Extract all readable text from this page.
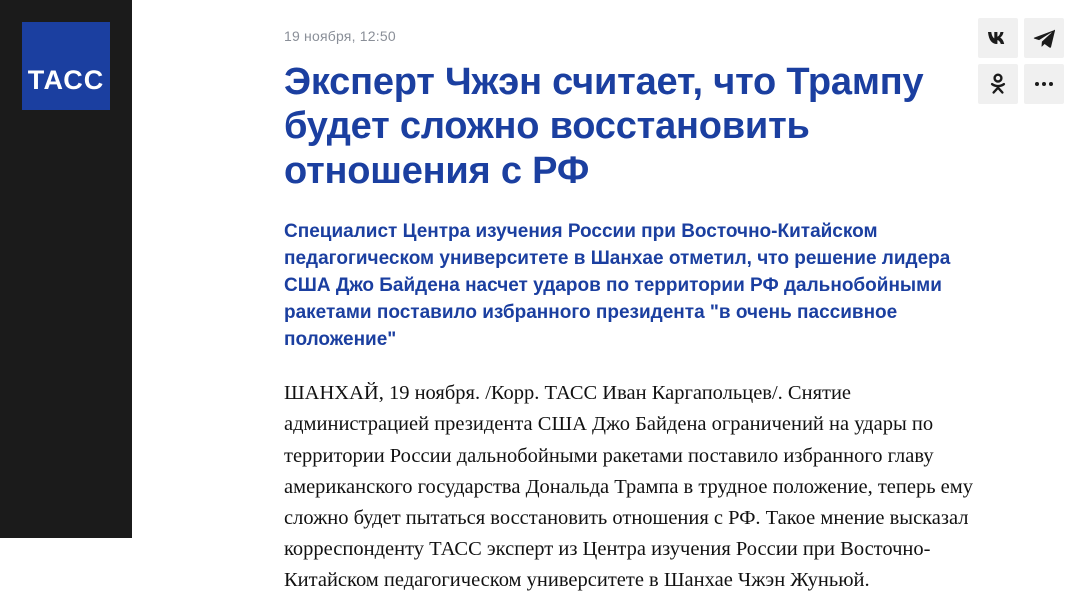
ТАСС
19 ноября, 12:50
Эксперт Чжэн считает, что Трампу будет сложно восстановить отношения с РФ

Специалист Центра изучения России при Восточно-Китайском педагогическом университете в Шанхае отметил, что решение лидера США Джо Байдена насчет ударов по территории РФ дальнобойными ракетами поставило избранного президента "в очень пассивное положение"

ШАНХАЙ, 19 ноября. /Корр. ТАСС Иван Каргапольцев/. Снятие администрацией президента США Джо Байдена ограничений на удары по территории России дальнобойными ракетами поставило избранного главу американского государства Дональда Трампа в трудное положение, теперь ему сложно будет пытаться восстановить отношения с РФ. Такое мнение высказал корреспонденту ТАСС эксперт из Центра изучения России при Восточно-Китайском педагогическом университете в Шанхае Чжэн Жуньюй.
